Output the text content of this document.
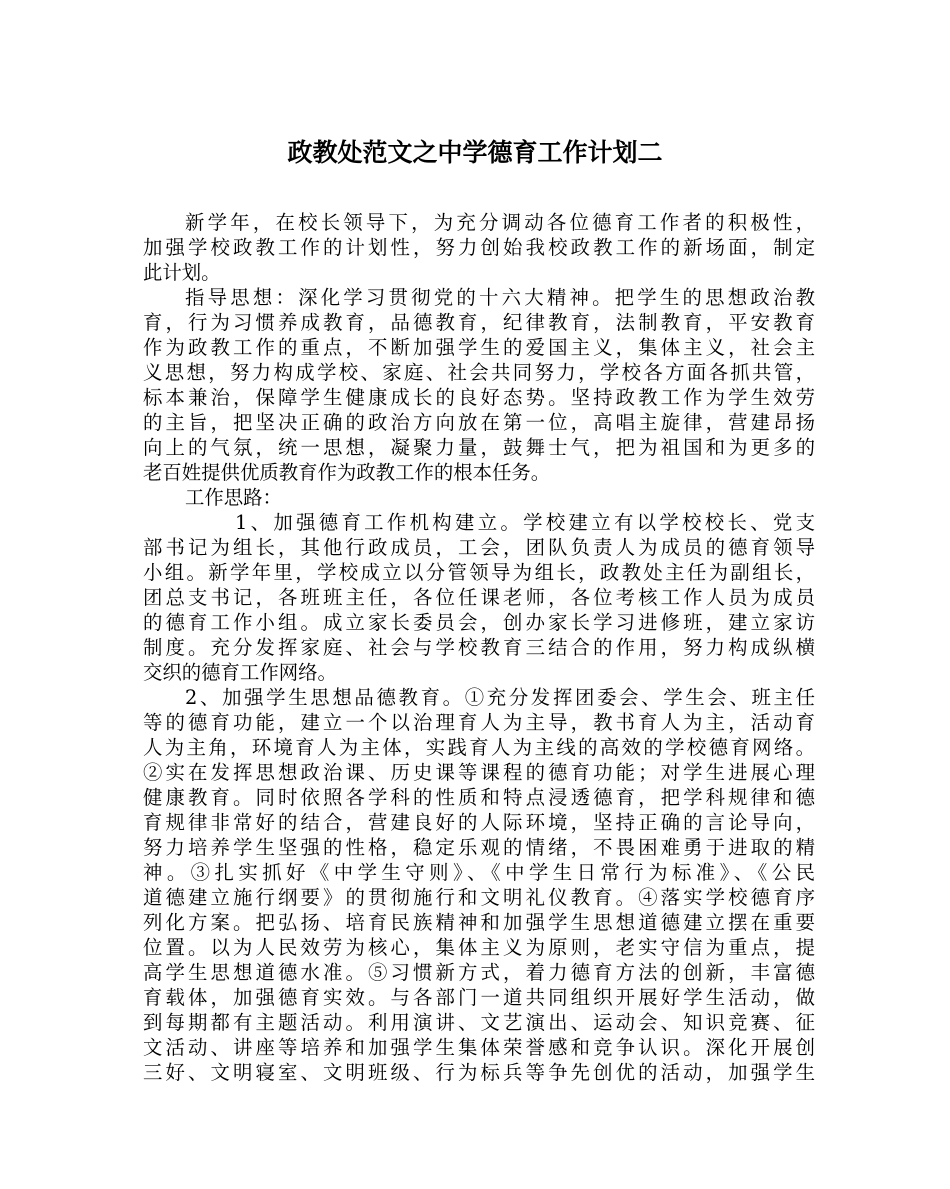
政教处范文之中学德育工作计划二
新学年，在校长领导下，为充分调动各位德育工作者的积极性，
加强学校政教工作的计划性，努力创始我校政教工作的新场面，制定
此计划。
指导思想：深化学习贯彻党的十六大精神。把学生的思想政治教
育，行为习惯养成教育，品德教育，纪律教育，法制教育，平安教育
作为政教工作的重点，不断加强学生的爱国主义，集体主义，社会主
义思想，努力构成学校、家庭、社会共同努力，学校各方面各抓共管，
标本兼治，保障学生健康成长的良好态势。坚持政教工作为学生效劳
的主旨，把坚决正确的政治方向放在第一位，高唱主旋律，营建昂扬
向上的气氛，统一思想，凝聚力量，鼓舞士气，把为祖国和为更多的
老百姓提供优质教育作为政教工作的根本任务。
工作思路：
1、加强德育工作机构建立。学校建立有以学校校长、党支
部书记为组长，其他行政成员，工会，团队负责人为成员的德育领导
小组。新学年里，学校成立以分管领导为组长，政教处主任为副组长，
团总支书记，各班班主任，各位任课老师，各位考核工作人员为成员
的德育工作小组。成立家长委员会，创办家长学习进修班，建立家访
制度。充分发挥家庭、社会与学校教育三结合的作用，努力构成纵横
交织的德育工作网络。
2、加强学生思想品德教育。①充分发挥团委会、学生会、班主任
等的德育功能，建立一个以治理育人为主导，教书育人为主，活动育
人为主角，环境育人为主体，实践育人为主线的高效的学校德育网络。
②实在发挥思想政治课、历史课等课程的德育功能；对学生进展心理
健康教育。同时依照各学科的性质和特点浸透德育，把学科规律和德
育规律非常好的结合，营建良好的人际环境，坚持正确的言论导向，
努力培养学生坚强的性格，稳定乐观的情绪，不畏困难勇于进取的精
神。③扎实抓好《中学生守则》、《中学生日常行为标准》、《公民
道德建立施行纲要》的贯彻施行和文明礼仪教育。④落实学校德育序
列化方案。把弘扬、培育民族精神和加强学生思想道德建立摆在重要
位置。以为人民效劳为核心，集体主义为原则，老实守信为重点，提
高学生思想道德水准。⑤习惯新方式，着力德育方法的创新，丰富德
育载体，加强德育实效。与各部门一道共同组织开展好学生活动，做
到每期都有主题活动。利用演讲、文艺演出、运动会、知识竞赛、征
文活动、讲座等培养和加强学生集体荣誉感和竞争认识。深化开展创
三好、文明寝室、文明班级、行为标兵等争先创优的活动，加强学生
